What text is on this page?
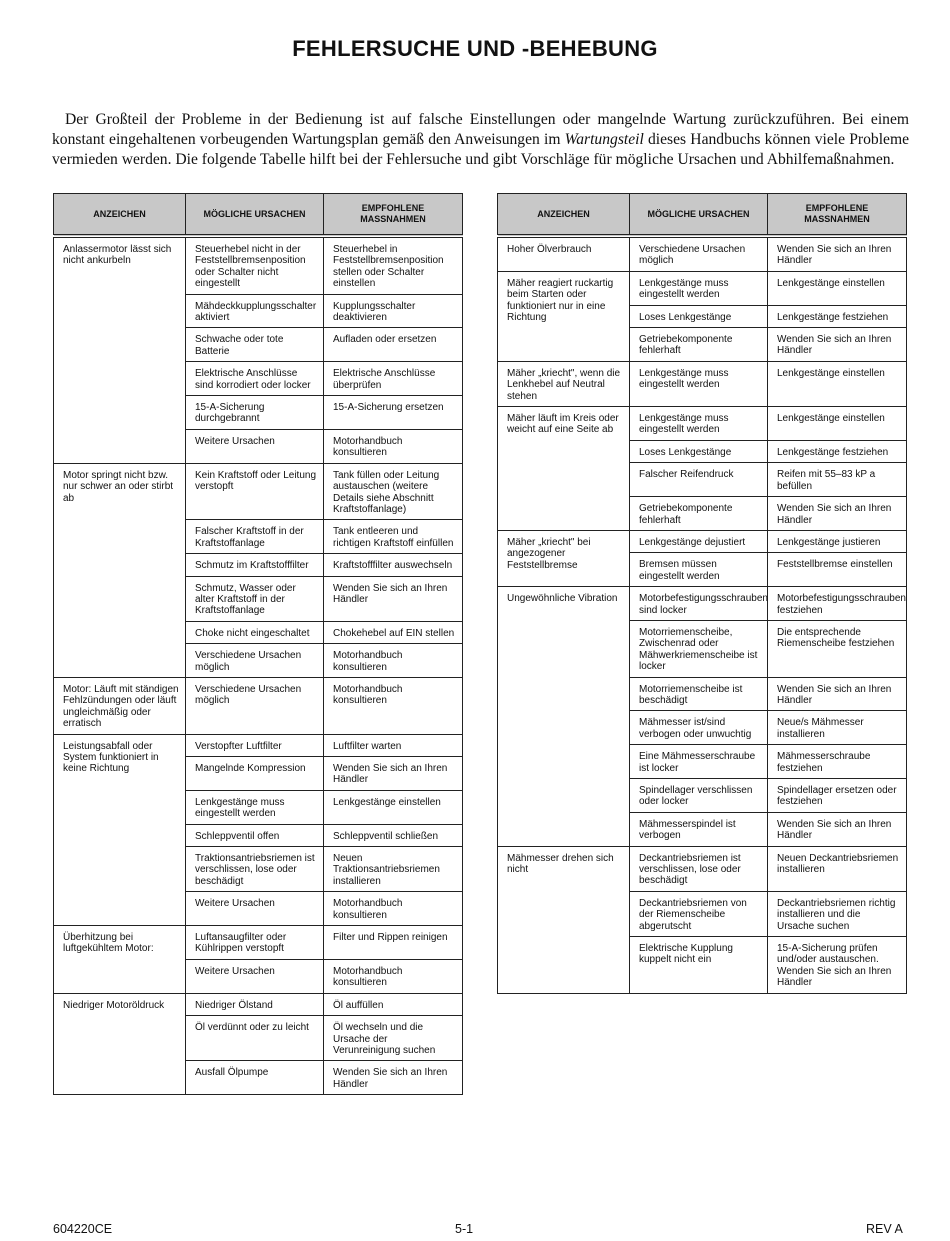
FEHLERSUCHE UND -BEHEBUNG

Der Großteil der Probleme in der Bedienung ist auf falsche Einstellungen oder mangelnde Wartung zurückzuführen. Bei einem konstant eingehaltenen vorbeugenden Wartungsplan gemäß den Anweisungen im Wartungsteil dieses Handbuchs können viele Probleme vermieden werden. Die folgende Tabelle hilft bei der Fehlersuche und gibt Vorschläge für mögliche Ursachen und Abhilfemaßnahmen.

ANZEICHEN	MÖGLICHE URSACHEN	EMPFOHLENE MASSNAHMEN
Anlassermotor lässt sich nicht ankurbeln	Steuerhebel nicht in der Feststellbremsenposition oder Schalter nicht eingestellt	Steuerhebel in Feststellbremsenposition stellen oder Schalter einstellen
	Mähdeckkupplungsschalter aktiviert	Kupplungsschalter deaktivieren
	Schwache oder tote Batterie	Aufladen oder ersetzen
	Elektrische Anschlüsse sind korrodiert oder locker	Elektrische Anschlüsse überprüfen
	15-A-Sicherung durchgebrannt	15-A-Sicherung ersetzen
	Weitere Ursachen	Motorhandbuch konsultieren
Motor springt nicht bzw. nur schwer an oder stirbt ab	Kein Kraftstoff oder Leitung verstopft	Tank füllen oder Leitung austauschen (weitere Details siehe Abschnitt Kraftstoffanlage)
	Falscher Kraftstoff in der Kraftstoffanlage	Tank entleeren und richtigen Kraftstoff einfüllen
	Schmutz im Kraftstofffilter	Kraftstofffilter auswechseln
	Schmutz, Wasser oder alter Kraftstoff in der Kraftstoffanlage	Wenden Sie sich an Ihren Händler
	Choke nicht eingeschaltet	Chokehebel auf EIN stellen
	Verschiedene Ursachen möglich	Motorhandbuch konsultieren
Motor: Läuft mit ständigen Fehlzündungen oder läuft ungleichmäßig oder erratisch	Verschiedene Ursachen möglich	Motorhandbuch konsultieren
Leistungsabfall oder System funktioniert in keine Richtung	Verstopfter Luftfilter	Luftfilter warten
	Mangelnde Kompression	Wenden Sie sich an Ihren Händler
	Lenkgestänge muss eingestellt werden	Lenkgestänge einstellen
	Schleppventil offen	Schleppventil schließen
	Traktionsantriebsriemen ist verschlissen, lose oder beschädigt	Neuen Traktionsantriebsriemen installieren
	Weitere Ursachen	Motorhandbuch konsultieren
Überhitzung bei luftgekühltem Motor:	Luftansaugfilter oder Kühlrippen verstopft	Filter und Rippen reinigen
	Weitere Ursachen	Motorhandbuch konsultieren
Niedriger Motoröldruck	Niedriger Ölstand	Öl auffüllen
	Öl verdünnt oder zu leicht	Öl wechseln und die Ursache der Verunreinigung suchen
	Ausfall Ölpumpe	Wenden Sie sich an Ihren Händler
ANZEICHEN	MÖGLICHE URSACHEN	EMPFOHLENE MASSNAHMEN
Hoher Ölverbrauch	Verschiedene Ursachen möglich	Wenden Sie sich an Ihren Händler
Mäher reagiert ruckartig beim Starten oder funktioniert nur in eine Richtung	Lenkgestänge muss eingestellt werden	Lenkgestänge einstellen
	Loses Lenkgestänge	Lenkgestänge festziehen
	Getriebekomponente fehlerhaft	Wenden Sie sich an Ihren Händler
Mäher „kriecht", wenn die Lenkhebel auf Neutral stehen	Lenkgestänge muss eingestellt werden	Lenkgestänge einstellen
Mäher läuft im Kreis oder weicht auf eine Seite ab	Lenkgestänge muss eingestellt werden	Lenkgestänge einstellen
	Loses Lenkgestänge	Lenkgestänge festziehen
	Falscher Reifendruck	Reifen mit 55–83 kP a befüllen
	Getriebekomponente fehlerhaft	Wenden Sie sich an Ihren Händler
Mäher „kriecht" bei angezogener Feststellbremse	Lenkgestänge dejustiert	Lenkgestänge justieren
	Bremsen müssen eingestellt werden	Feststellbremse einstellen
Ungewöhnliche Vibration	Motorbefestigungsschrauben sind locker	Motorbefestigungsschrauben festziehen
	Motorriemenscheibe, Zwischenrad oder Mähwerkriemenscheibe ist locker	Die entsprechende Riemenscheibe festziehen
	Motorriemenscheibe ist beschädigt	Wenden Sie sich an Ihren Händler
	Mähmesser ist/sind verbogen oder unwuchtig	Neue/s Mähmesser installieren
	Eine Mähmesserschraube ist locker	Mähmesserschraube festziehen
	Spindellager verschlissen oder locker	Spindellager ersetzen oder festziehen
	Mähmesserspindel ist verbogen	Wenden Sie sich an Ihren Händler
Mähmesser drehen sich nicht	Deckantriebsriemen ist verschlissen, lose oder beschädigt	Neuen Deckantriebsriemen installieren
	Deckantriebsriemen von der Riemenscheibe abgerutscht	Deckantriebsriemen richtig installieren und die Ursache suchen
	Elektrische Kupplung kuppelt nicht ein	15-A-Sicherung prüfen und/oder austauschen. Wenden Sie sich an Ihren Händler
604220CE	5-1	REV A
